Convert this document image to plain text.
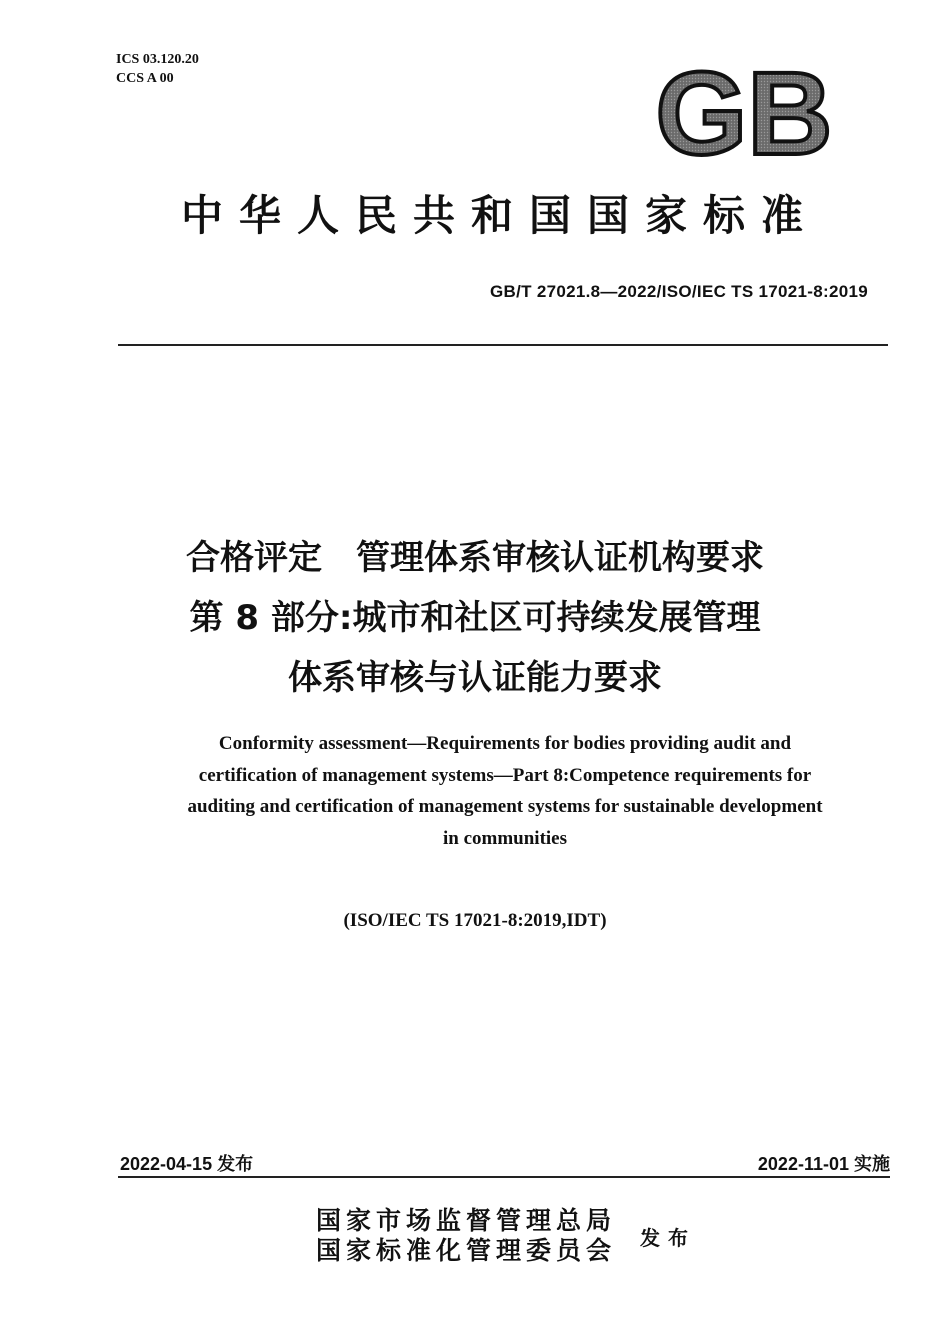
ICS 03.120.20
CCS A 00	GB
中华人民共和国国家标准
GB/T 27021.8—2022/ISO/IEC TS 17021-8:2019
合格评定　管理体系审核认证机构要求
第 8 部分:城市和社区可持续发展管理
体系审核与认证能力要求
Conformity assessment—Requirements for bodies providing audit and
certification of management systems—Part 8:Competence requirements for
auditing and certification of management systems for sustainable development
in communities
(ISO/IEC TS 17021-8:2019,IDT)
2022-04-15 发布	2022-11-01 实施
国家市场监督管理总局
国家标准化管理委员会 发布
